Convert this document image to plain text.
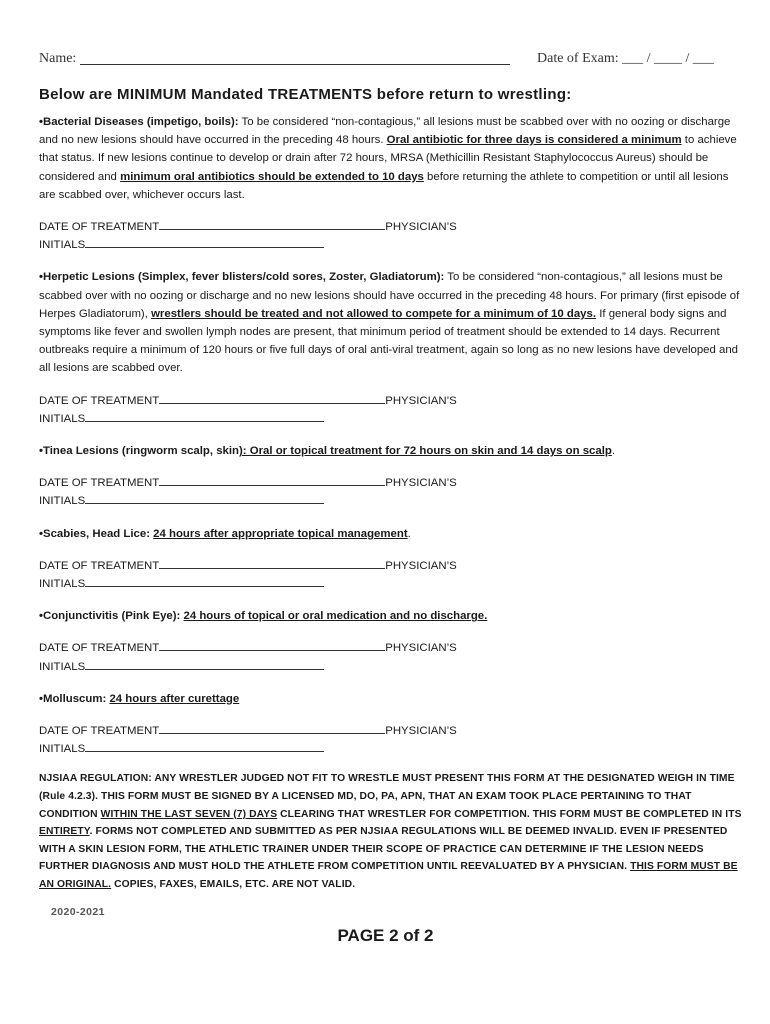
Name:	Date of Exam: ___ / ____ / ___
Below are MINIMUM Mandated TREATMENTS before return to wrestling:

•Bacterial Diseases (impetigo, boils): To be considered “non-contagious,” all lesions must be scabbed over with no oozing or discharge and no new lesions should have occurred in the preceding 48 hours. Oral antibiotic for three days is considered a minimum to achieve that status. If new lesions continue to develop or drain after 72 hours, MRSA (Methicillin Resistant Staphylococcus Aureus) should be considered and minimum oral antibiotics should be extended to 10 days before returning the athlete to competition or until all lesions are scabbed over, whichever occurs last.

DATE OF TREATMENT	PHYSICIAN’S
INITIALS

•Herpetic Lesions (Simplex, fever blisters/cold sores, Zoster, Gladiatorum): To be considered “non-contagious,” all lesions must be scabbed over with no oozing or discharge and no new lesions should have occurred in the preceding 48 hours. For primary (first episode of Herpes Gladiatorum), wrestlers should be treated and not allowed to compete for a minimum of 10 days. If general body signs and symptoms like fever and swollen lymph nodes are present, that minimum period of treatment should be extended to 14 days. Recurrent outbreaks require a minimum of 120 hours or five full days of oral anti-viral treatment, again so long as no new lesions have developed and all lesions are scabbed over.

DATE OF TREATMENT	PHYSICIAN’S
INITIALS

•Tinea Lesions (ringworm scalp, skin): Oral or topical treatment for 72 hours on skin and 14 days on scalp.

DATE OF TREATMENT	PHYSICIAN’S
INITIALS

•Scabies, Head Lice: 24 hours after appropriate topical management.

DATE OF TREATMENT	PHYSICIAN’S
INITIALS

•Conjunctivitis (Pink Eye): 24 hours of topical or oral medication and no discharge.

DATE OF TREATMENT	PHYSICIAN’S
INITIALS

•Molluscum: 24 hours after curettage

DATE OF TREATMENT	PHYSICIAN’S
INITIALS
NJSIAA REGULATION: ANY WRESTLER JUDGED NOT FIT TO WRESTLE MUST PRESENT THIS FORM AT THE DESIGNATED WEIGH IN TIME (Rule 4.2.3). THIS FORM MUST BE SIGNED BY A LICENSED MD, DO, PA, APN, THAT AN EXAM TOOK PLACE PERTAINING TO THAT CONDITION WITHIN THE LAST SEVEN (7) DAYS CLEARING THAT WRESTLER FOR COMPETITION. THIS FORM MUST BE COMPLETED IN ITS ENTIRETY. FORMS NOT COMPLETED AND SUBMITTED AS PER NJSIAA REGULATIONS WILL BE DEEMED INVALID. EVEN IF PRESENTED WITH A SKIN LESION FORM, THE ATHLETIC TRAINER UNDER THEIR SCOPE OF PRACTICE CAN DETERMINE IF THE LESION NEEDS FURTHER DIAGNOSIS AND MUST HOLD THE ATHLETE FROM COMPETITION UNTIL REEVALUATED BY A PHYSICIAN. THIS FORM MUST BE AN ORIGINAL. COPIES, FAXES, EMAILS, ETC. ARE NOT VALID.
2020-2021
PAGE 2 of 2
